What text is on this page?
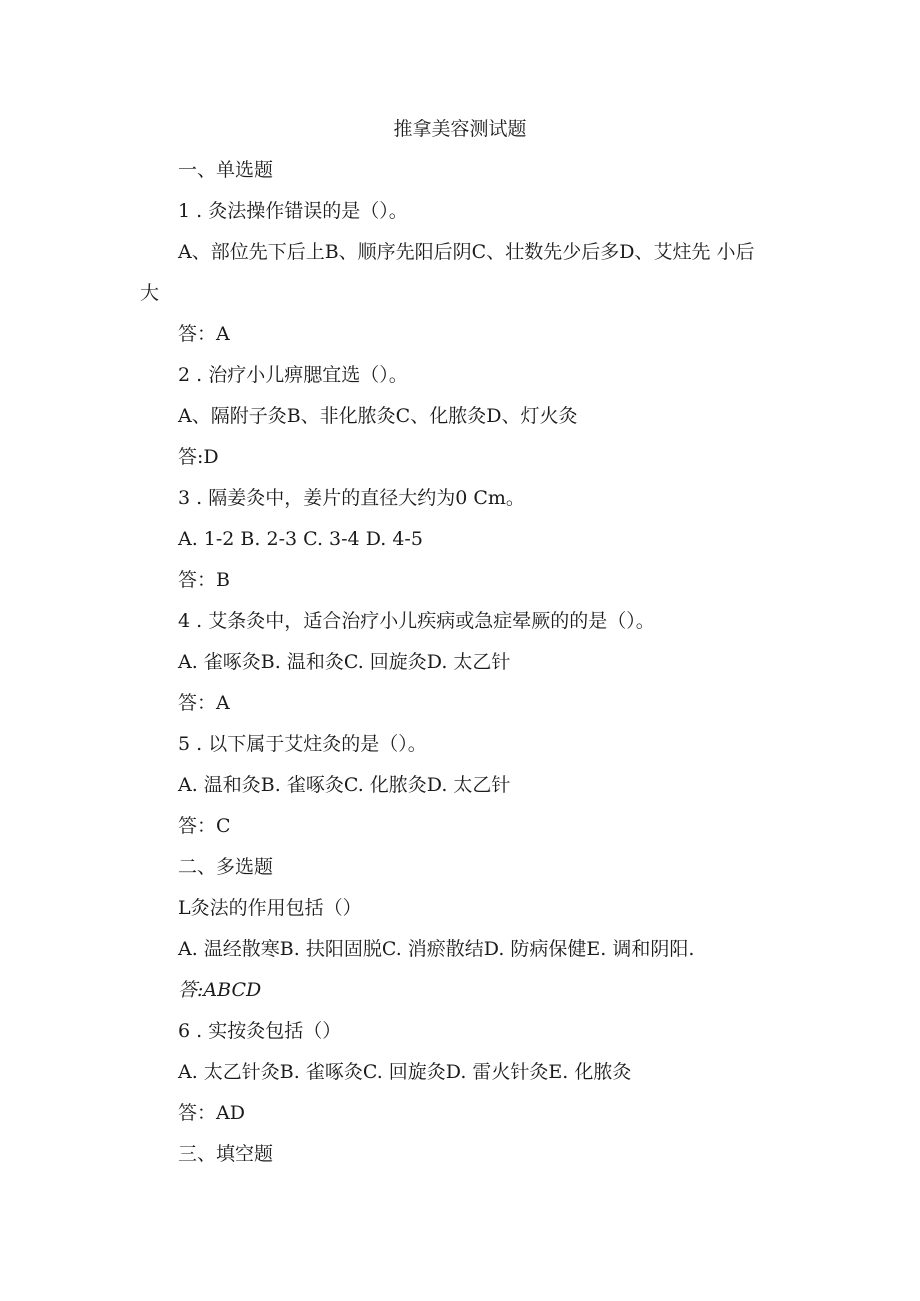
推拿美容测试题
一、单选题
1 . 灸法操作错误的是（）。
A、部位先下后上B、顺序先阳后阴C、壮数先少后多D、艾炷先 小后
大
答：A
2 . 治疗小儿痹腮宜选（）。
A、隔附子灸B、非化脓灸C、化脓灸D、灯火灸
答:D
3 . 隔姜灸中，姜片的直径大约为0 Cm。
A. 1-2 B. 2-3 C. 3-4 D. 4-5
答：B
4 . 艾条灸中，适合治疗小儿疾病或急症晕厥的的是（）。
A. 雀啄灸B. 温和灸C. 回旋灸D. 太乙针
答：A
5 . 以下属于艾炷灸的是（）。
A. 温和灸B. 雀啄灸C. 化脓灸D. 太乙针
答：C
二、多选题
L灸法的作用包括（）
A. 温经散寒B. 扶阳固脱C. 消瘀散结D. 防病保健E. 调和阴阳.
答:ABCD
6 . 实按灸包括（）
A. 太乙针灸B. 雀啄灸C. 回旋灸D. 雷火针灸E. 化脓灸
答：AD
三、填空题
